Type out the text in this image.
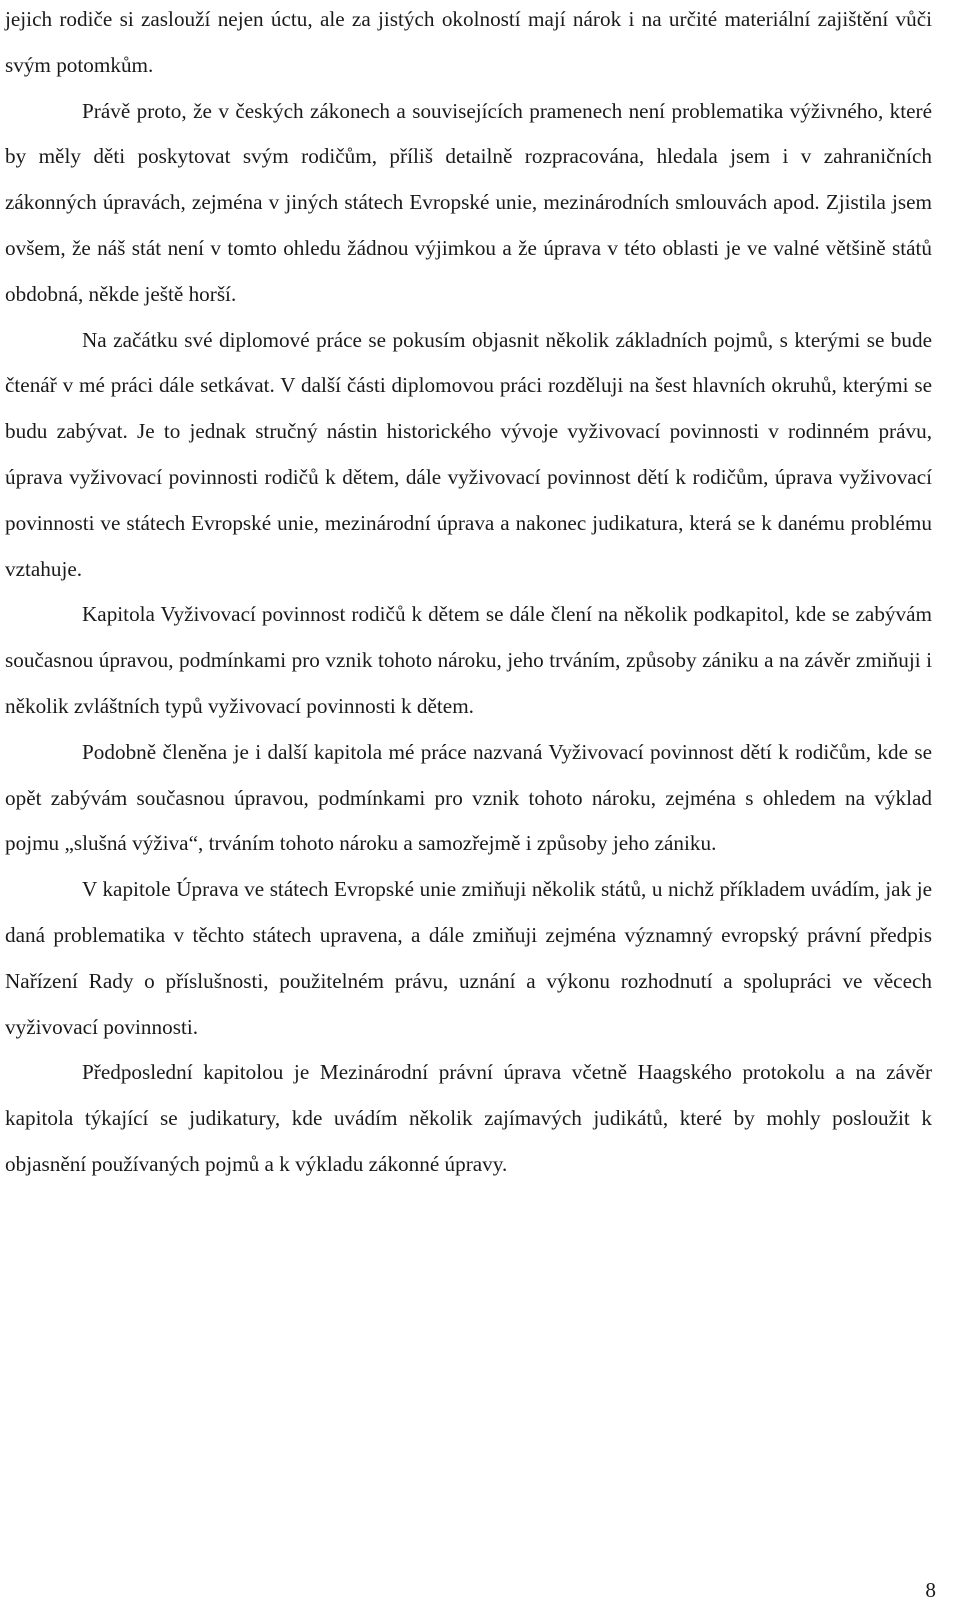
jejich rodiče si zaslouží nejen úctu, ale za jistých okolností mají nárok i na určité materiální zajištění vůči svým potomkům.

Právě proto, že v českých zákonech a souvisejících pramenech není problematika výživného, které by měly děti poskytovat svým rodičům, příliš detailně rozpracována, hledala jsem i v zahraničních zákonných úpravách, zejména v jiných státech Evropské unie, mezinárodních smlouvách apod. Zjistila jsem ovšem, že náš stát není v tomto ohledu žádnou výjimkou a že úprava v této oblasti je ve valné většině států obdobná, někde ještě horší.

Na začátku své diplomové práce se pokusím objasnit několik základních pojmů, s kterými se bude čtenář v mé práci dále setkávat. V další části diplomovou práci rozděluji na šest hlavních okruhů, kterými se budu zabývat. Je to jednak stručný nástin historického vývoje vyživovací povinnosti v rodinném právu, úprava vyživovací povinnosti rodičů k dětem, dále vyživovací povinnost dětí k rodičům, úprava vyživovací povinnosti ve státech Evropské unie, mezinárodní úprava a nakonec judikatura, která se k danému problému vztahuje.

Kapitola Vyživovací povinnost rodičů k dětem se dále člení na několik podkapitol, kde se zabývám současnou úpravou, podmínkami pro vznik tohoto nároku, jeho trváním, způsoby zániku a na závěr zmiňuji i několik zvláštních typů vyživovací povinnosti k dětem.

Podobně členěna je i další kapitola mé práce nazvaná Vyživovací povinnost dětí k rodičům, kde se opět zabývám současnou úpravou, podmínkami pro vznik tohoto nároku, zejména s ohledem na výklad pojmu „slušná výživa“, trváním tohoto nároku a samozřejmě i způsoby jeho zániku.

V kapitole Úprava ve státech Evropské unie zmiňuji několik států, u nichž příkladem uvádím, jak je daná problematika v těchto státech upravena, a dále zmiňuji zejména významný evropský právní předpis Nařízení Rady o příslušnosti, použitelném právu, uznání a výkonu rozhodnutí a spolupráci ve věcech vyživovací povinnosti.

Předposlední kapitolou je Mezinárodní právní úprava včetně Haagského protokolu a na závěr kapitola týkající se judikatury, kde uvádím několik zajímavých judikátů, které by mohly posloužit k objasnění používaných pojmů a k výkladu zákonné úpravy.

8
